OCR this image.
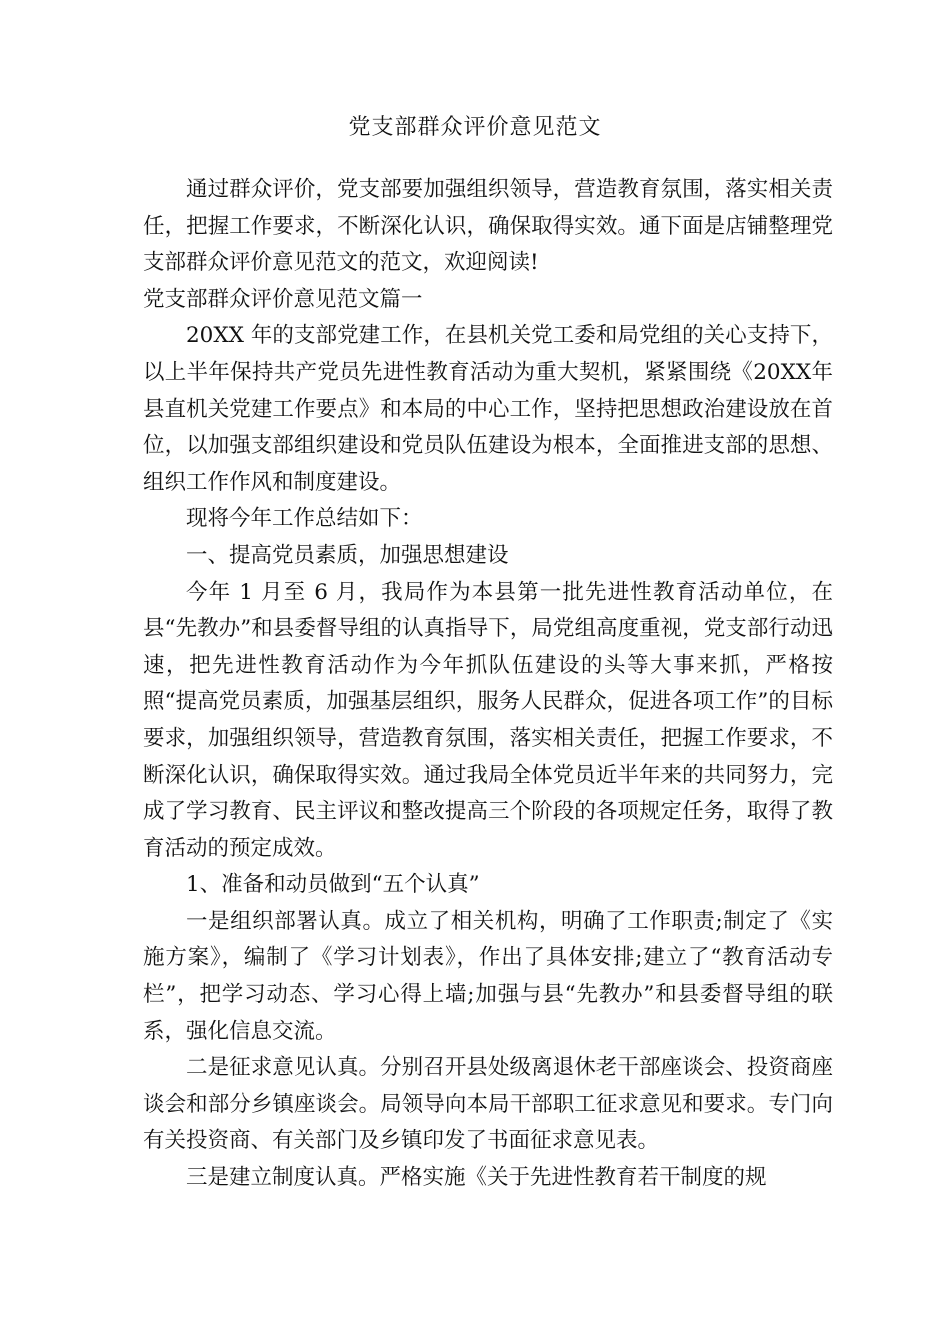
党支部群众评价意见范文

通过群众评价，党支部要加强组织领导，营造教育氛围，落实相关责任，把握工作要求，不断深化认识，确保取得实效。通下面是店铺整理党支部群众评价意见范文的范文，欢迎阅读!

党支部群众评价意见范文篇一

20XX 年的支部党建工作，在县机关党工委和局党组的关心支持下，以上半年保持共产党员先进性教育活动为重大契机，紧紧围绕《20XX年县直机关党建工作要点》和本局的中心工作，坚持把思想政治建设放在首位，以加强支部组织建设和党员队伍建设为根本，全面推进支部的思想、组织工作作风和制度建设。

现将今年工作总结如下：

一、提高党员素质，加强思想建设

今年 1 月至 6 月，我局作为本县第一批先进性教育活动单位，在县“先教办”和县委督导组的认真指导下，局党组高度重视，党支部行动迅速，把先进性教育活动作为今年抓队伍建设的头等大事来抓，严格按照“提高党员素质，加强基层组织，服务人民群众，促进各项工作”的目标要求，加强组织领导，营造教育氛围，落实相关责任，把握工作要求，不断深化认识，确保取得实效。通过我局全体党员近半年来的共同努力，完成了学习教育、民主评议和整改提高三个阶段的各项规定任务，取得了教育活动的预定成效。

1、准备和动员做到“五个认真”

一是组织部署认真。成立了相关机构，明确了工作职责;制定了《实施方案》，编制了《学习计划表》，作出了具体安排;建立了“教育活动专栏”，把学习动态、学习心得上墙;加强与县“先教办”和县委督导组的联系，强化信息交流。

二是征求意见认真。分别召开县处级离退休老干部座谈会、投资商座谈会和部分乡镇座谈会。局领导向本局干部职工征求意见和要求。专门向有关投资商、有关部门及乡镇印发了书面征求意见表。

三是建立制度认真。严格实施《关于先进性教育若干制度的规
